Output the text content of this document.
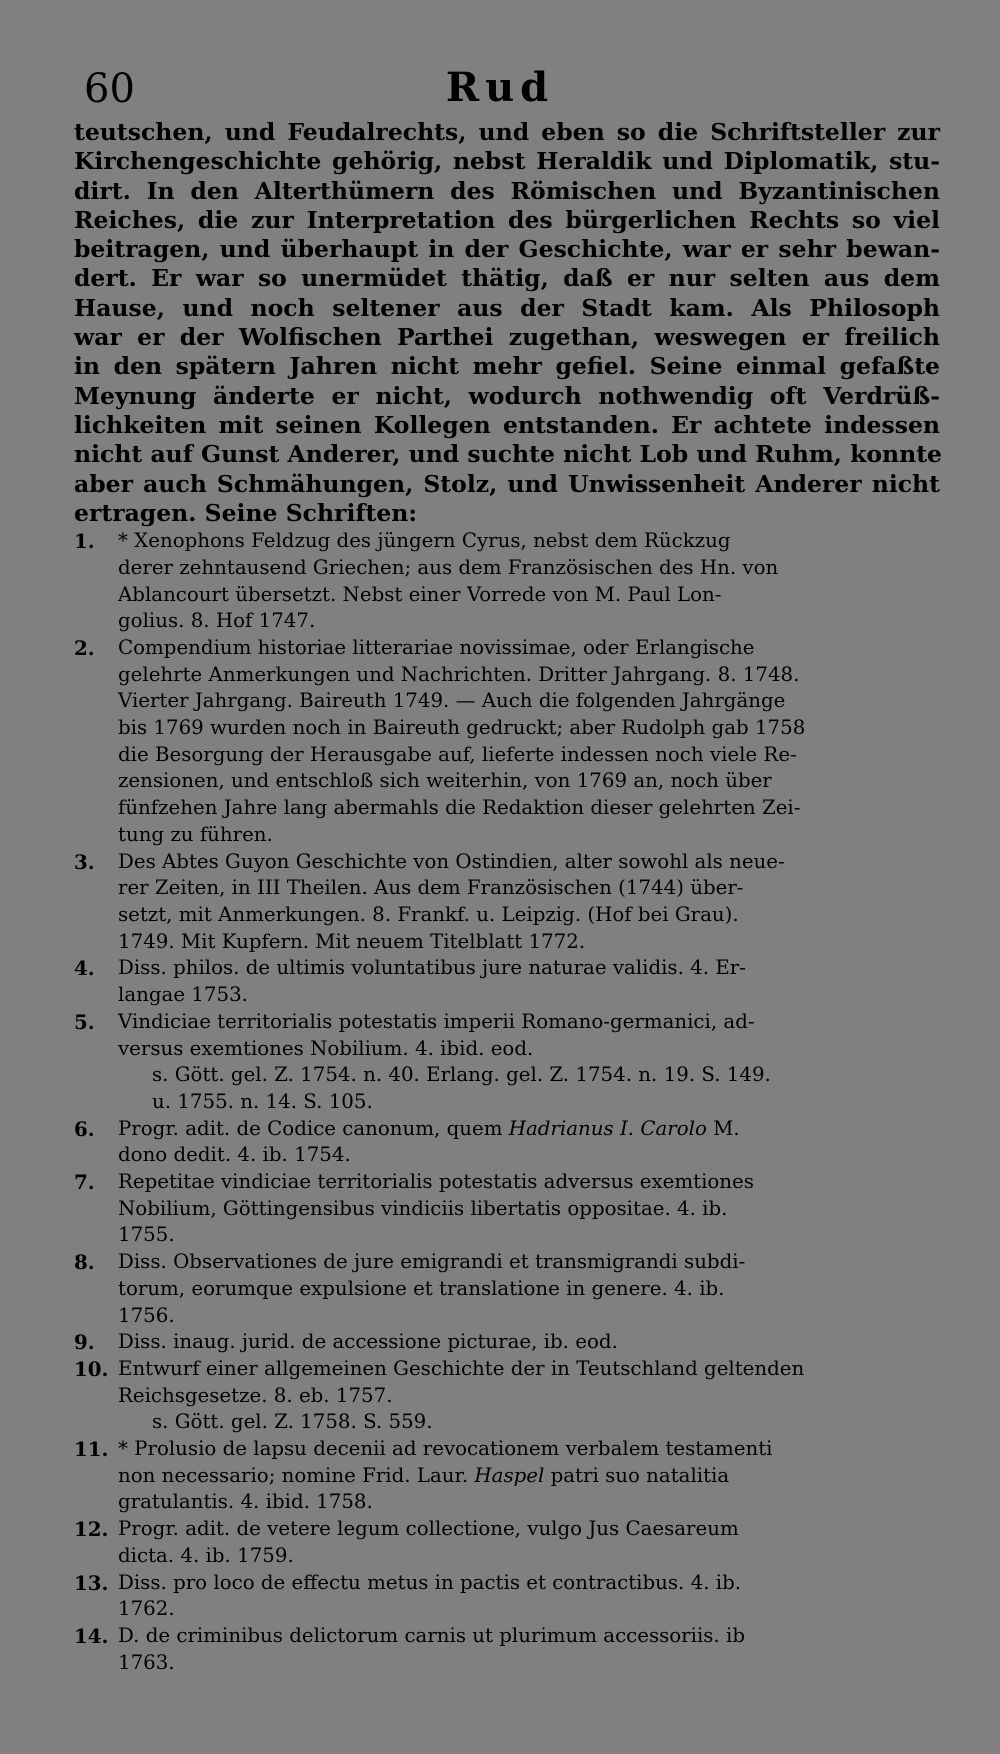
60	Rud
teutschen, und Feudalrechts, und eben so die Schriftsteller zur
Kirchengeschichte gehörig, nebst Heraldik und Diplomatik, stu-
dirt. In den Alterthümern des Römischen und Byzantinischen
Reiches, die zur Interpretation des bürgerlichen Rechts so viel
beitragen, und überhaupt in der Geschichte, war er sehr bewan-
dert. Er war so unermüdet thätig, daß er nur selten aus dem
Hause, und noch seltener aus der Stadt kam. Als Philosoph
war er der Wolfischen Parthei zugethan, weswegen er freilich
in den spätern Jahren nicht mehr gefiel. Seine einmal gefaßte
Meynung änderte er nicht, wodurch nothwendig oft Verdrüß-
lichkeiten mit seinen Kollegen entstanden. Er achtete indessen
nicht auf Gunst Anderer, und suchte nicht Lob und Ruhm, konnte
aber auch Schmähungen, Stolz, und Unwissenheit Anderer nicht
ertragen. Seine Schriften:
1.	* Xenophons Feldzug des jüngern Cyrus, nebst dem Rückzug
derer zehntausend Griechen; aus dem Französischen des Hn. von
Ablancourt übersetzt. Nebst einer Vorrede von M. Paul Lon-
golius. 8. Hof 1747.
2.	Compendium historiae litterariae novissimae, oder Erlangische
gelehrte Anmerkungen und Nachrichten. Dritter Jahrgang. 8. 1748.
Vierter Jahrgang. Baireuth 1749. — Auch die folgenden Jahrgänge
bis 1769 wurden noch in Baireuth gedruckt; aber Rudolph gab 1758
die Besorgung der Herausgabe auf, lieferte indessen noch viele Re-
zensionen, und entschloß sich weiterhin, von 1769 an, noch über
fünfzehen Jahre lang abermahls die Redaktion dieser gelehrten Zei-
tung zu führen.
3.	Des Abtes Guyon Geschichte von Ostindien, alter sowohl als neue-
rer Zeiten, in III Theilen. Aus dem Französischen (1744) über-
setzt, mit Anmerkungen. 8. Frankf. u. Leipzig. (Hof bei Grau).
1749. Mit Kupfern. Mit neuem Titelblatt 1772.
4.	Diss. philos. de ultimis voluntatibus jure naturae validis. 4. Er-
langae 1753.
5.	Vindiciae territorialis potestatis imperii Romano-germanici, ad-
versus exemtiones Nobilium. 4. ibid. eod.
s. Gött. gel. Z. 1754. n. 40. Erlang. gel. Z. 1754. n. 19. S. 149.
u. 1755. n. 14. S. 105.
6.	Progr. adit. de Codice canonum, quem Hadrianus I. Carolo M.
dono dedit. 4. ib. 1754.
7.	Repetitae vindiciae territorialis potestatis adversus exemtiones
Nobilium, Göttingensibus vindiciis libertatis oppositae. 4. ib.
1755.
8.	Diss. Observationes de jure emigrandi et transmigrandi subdi-
torum, eorumque expulsione et translatione in genere. 4. ib.
1756.
9.	Diss. inaug. jurid. de accessione picturae, ib. eod.
10. Entwurf einer allgemeinen Geschichte der in Teutschland geltenden
Reichsgesetze. 8. eb. 1757.
s. Gött. gel. Z. 1758. S. 559.
11. * Prolusio de lapsu decenii ad revocationem verbalem testamenti
non necessario; nomine Frid. Laur. Haspel patri suo natalitia
gratulantis. 4. ibid. 1758.
12. Progr. adit. de vetere legum collectione, vulgo Jus Caesareum
dicta. 4. ib. 1759.
13. Diss. pro loco de effectu metus in pactis et contractibus. 4. ib.
1762.
14. D. de criminibus delictorum carnis ut plurimum accessoriis. ib
1763.
